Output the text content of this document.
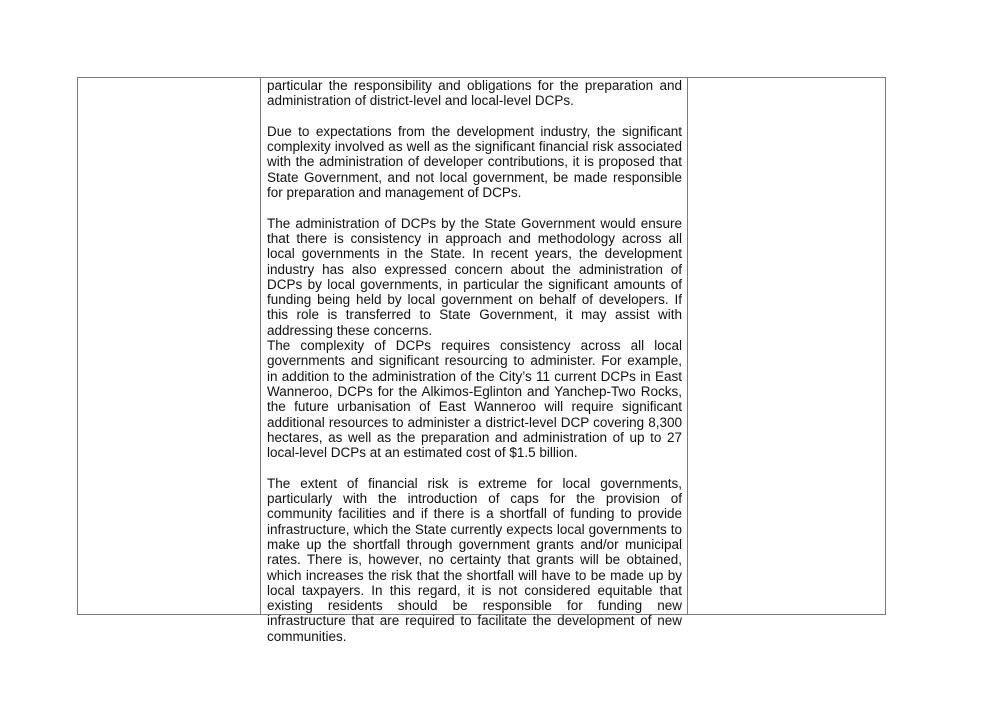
particular the responsibility and obligations for the preparation and administration of district-level and local-level DCPs.

Due to expectations from the development industry, the significant complexity involved as well as the significant financial risk associated with the administration of developer contributions, it is proposed that State Government, and not local government, be made responsible for preparation and management of DCPs.

The administration of DCPs by the State Government would ensure that there is consistency in approach and methodology across all local governments in the State. In recent years, the development industry has also expressed concern about the administration of DCPs by local governments, in particular the significant amounts of funding being held by local government on behalf of developers. If this role is transferred to State Government, it may assist with addressing these concerns.

The complexity of DCPs requires consistency across all local governments and significant resourcing to administer. For example, in addition to the administration of the City’s 11 current DCPs in East Wanneroo, DCPs for the Alkimos-Eglinton and Yanchep-Two Rocks, the future urbanisation of East Wanneroo will require significant additional resources to administer a district-level DCP covering 8,300 hectares, as well as the preparation and administration of up to 27 local-level DCPs at an estimated cost of $1.5 billion.

The extent of financial risk is extreme for local governments, particularly with the introduction of caps for the provision of community facilities and if there is a shortfall of funding to provide infrastructure, which the State currently expects local governments to make up the shortfall through government grants and/or municipal rates. There is, however, no certainty that grants will be obtained, which increases the risk that the shortfall will have to be made up by local taxpayers. In this regard, it is not considered equitable that existing residents should be responsible for funding new infrastructure that are required to facilitate the development of new communities.
